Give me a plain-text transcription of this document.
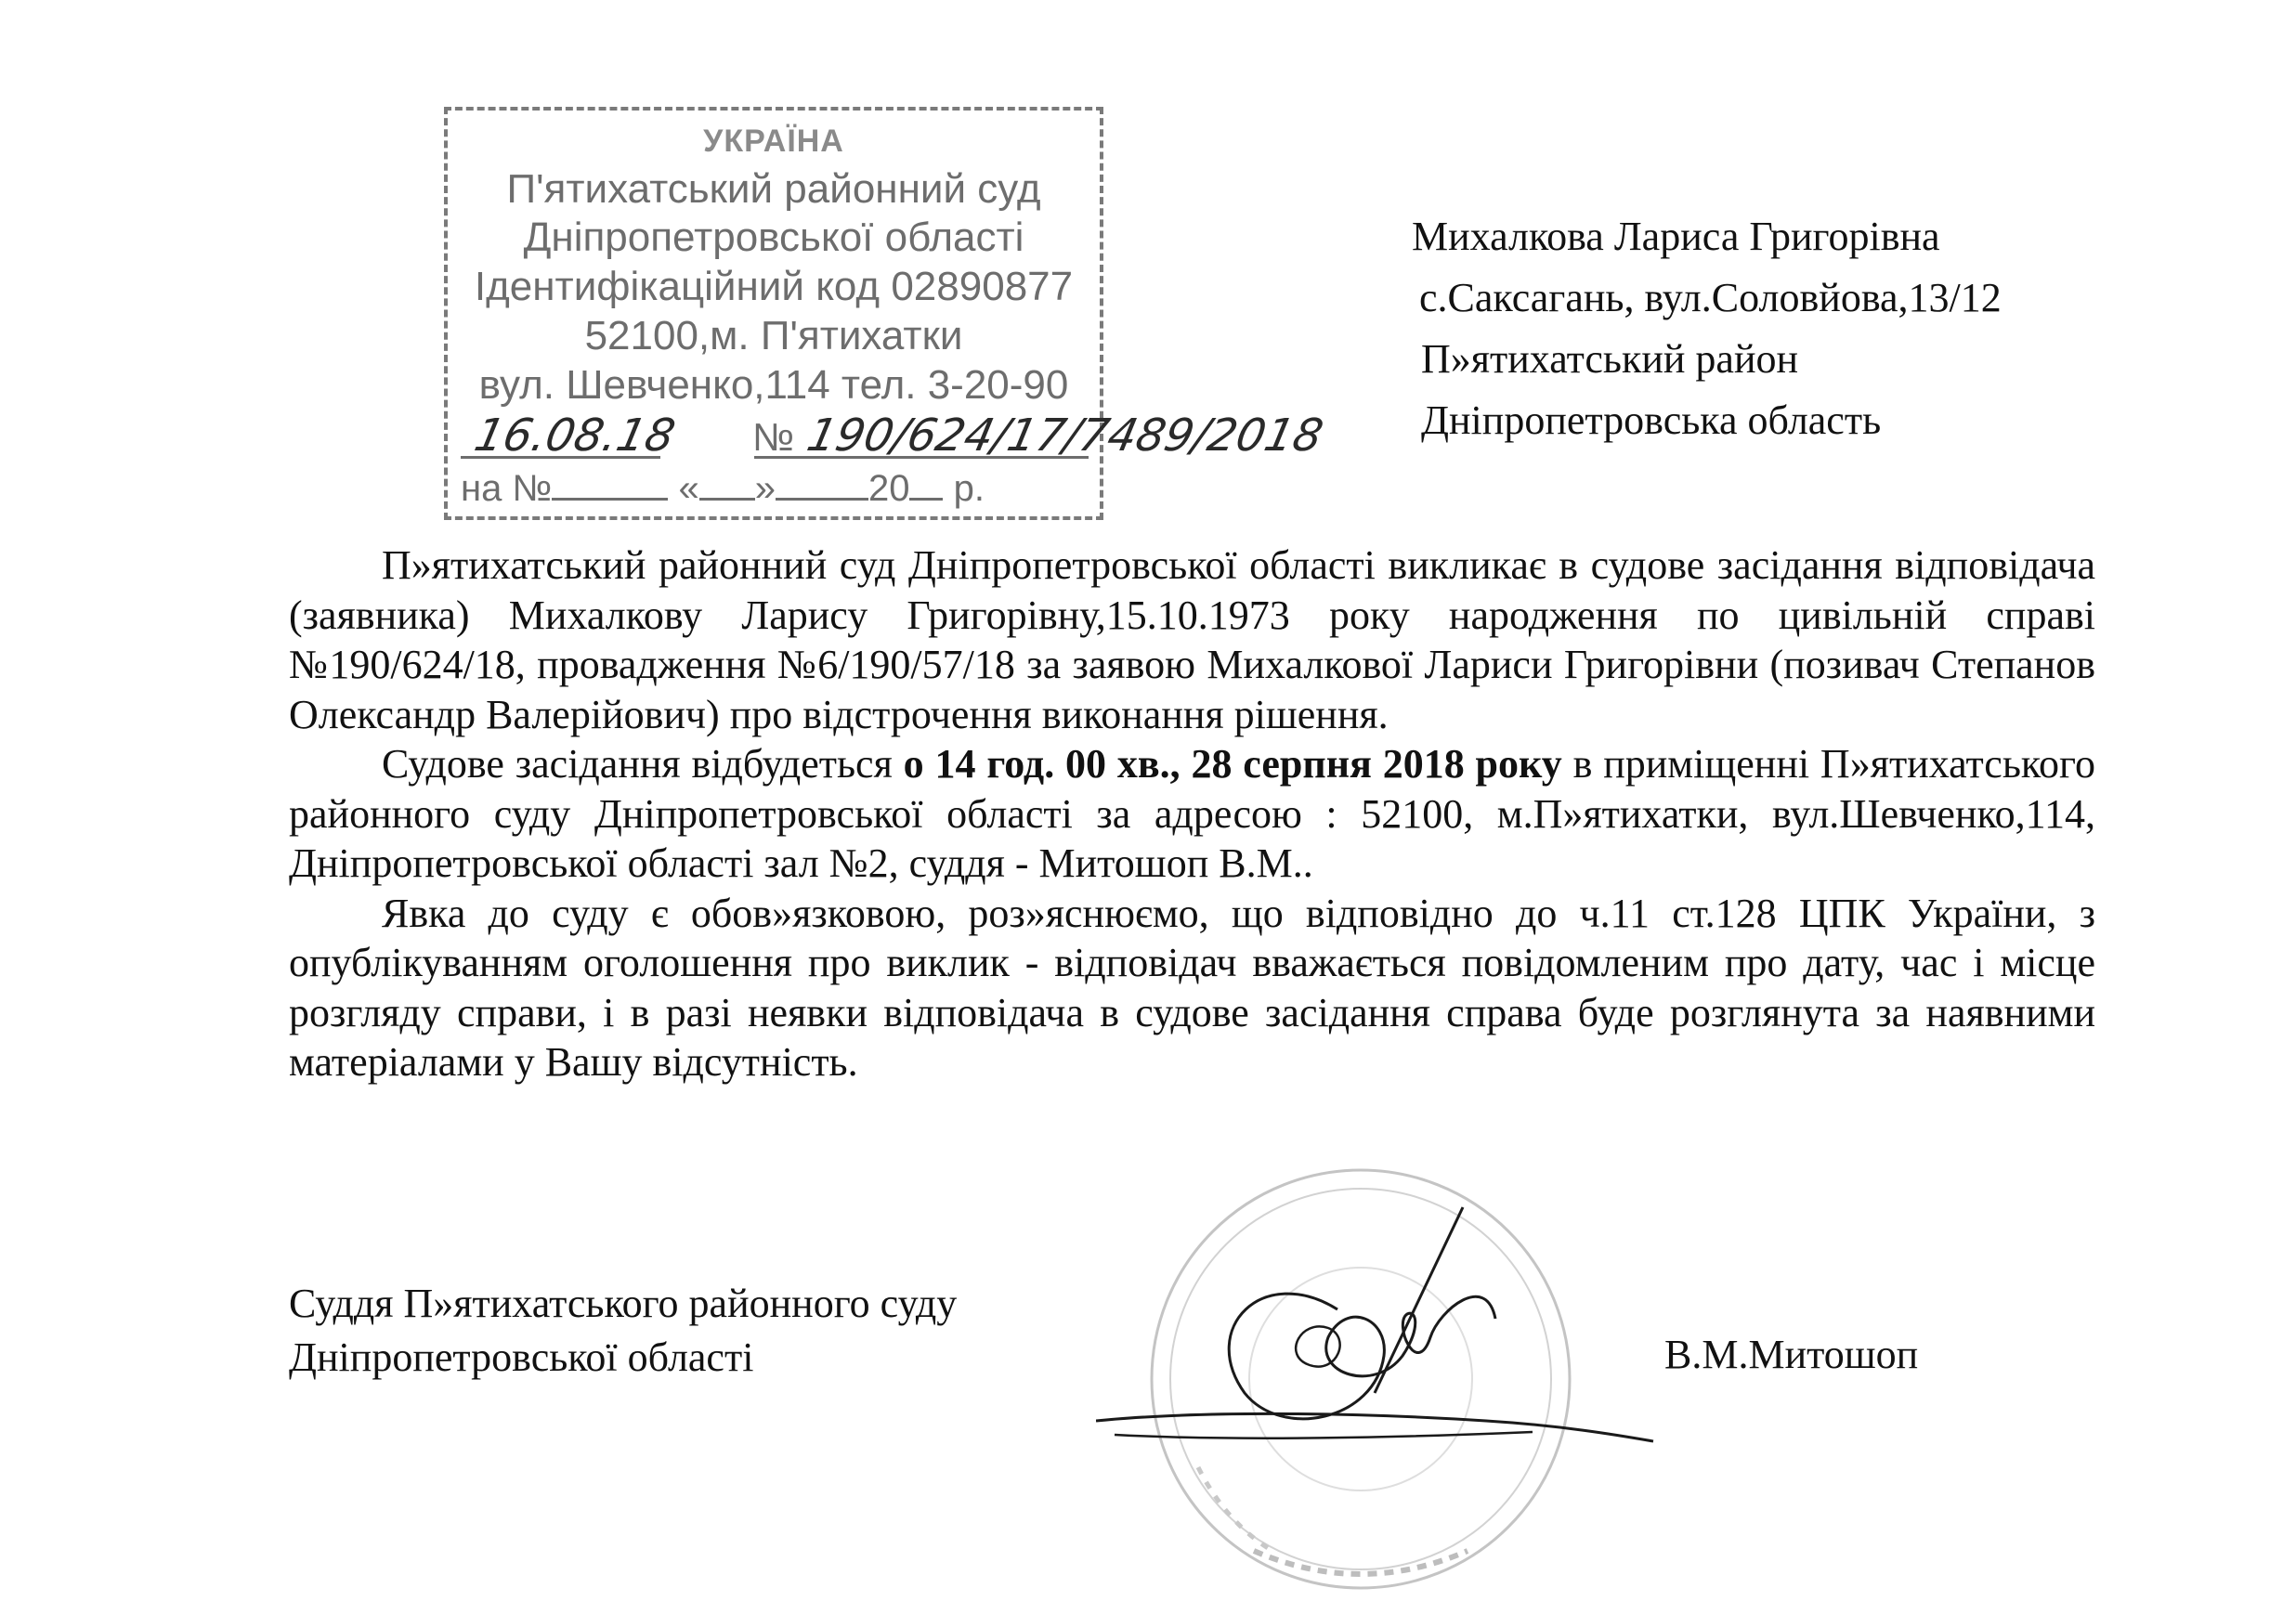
УКРАЇНА
П'ятихатський районний суд
Дніпропетровської області
Ідентифікаційний код 02890877
52100,м. П'ятихатки
вул. Шевченко,114 тел. 3-20-90
16.08.18 № 190/624/17/7489/2018
на №	« »	20 р.
Михалкова Лариса Григорівна
с.Саксагань, вул.Соловйова,13/12
П»ятихатський район
Дніпропетровська область

П»ятихатський районний суд Дніпропетровської області викликає в судове засідання відповідача (заявника) Михалкову Ларису Григорівну,15.10.1973 року народження по цивільній справі №190/624/18, провадження №6/190/57/18 за заявою Михалкової Лариси Григорівни (позивач Степанов Олександр Валерійович) про відстрочення виконання рішення.

Судове засідання відбудеться о 14 год. 00 хв., 28 серпня 2018 року в приміщенні П»ятихатського районного суду Дніпропетровської області за адресою : 52100, м.П»ятихатки, вул.Шевченко,114, Дніпропетровської області зал №2, суддя - Митошоп В.М..

Явка до суду є обов»язковою, роз»яснюємо, що відповідно до ч.11 ст.128 ЦПК України, з опублікуванням оголошення про виклик - відповідач вважається повідомленим про дату, час і місце розгляду справи, і в разі неявки відповідача в судове засідання справа буде розглянута за наявними матеріалами у Вашу відсутність.

Суддя П»ятихатського районного суду
Дніпропетровської області	В.М.Митошоп
